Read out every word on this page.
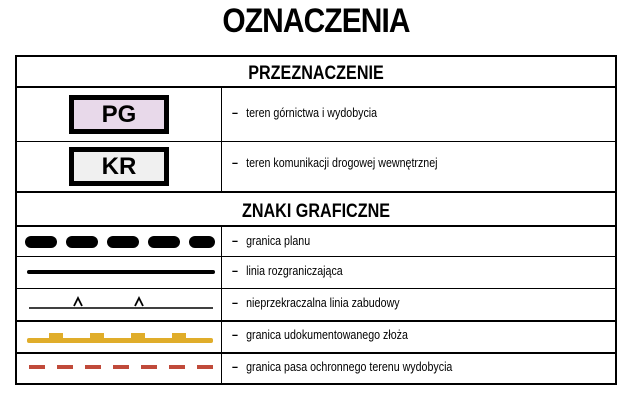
OZNACZENIA
PRZEZNACZENIE
PG	– teren górnictwa i wydobycia
KR	– teren komunikacji drogowej wewnętrznej
ZNAKI GRAFICZNE
– granica planu
– linia rozgraniczająca
– nieprzekraczalna linia zabudowy
– granica udokumentowanego złoża
– granica pasa ochronnego terenu wydobycia
